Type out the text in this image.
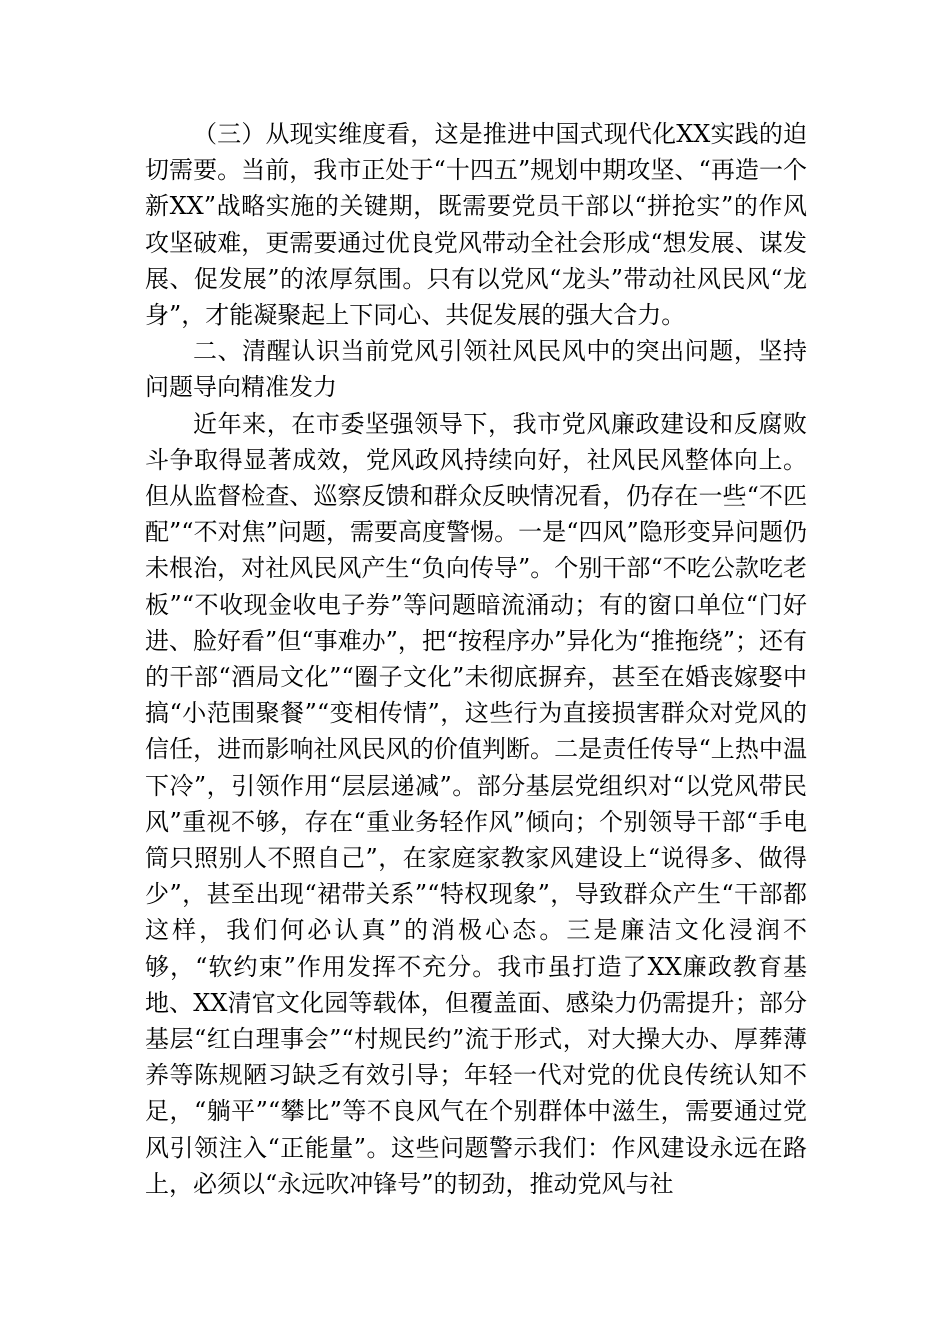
（三）从现实维度看，这是推进中国式现代化XX实践的迫切需要。当前，我市正处于“十四五”规划中期攻坚、“再造一个新XX”战略实施的关键期，既需要党员干部以“拼抢实”的作风攻坚破难，更需要通过优良党风带动全社会形成“想发展、谋发展、促发展”的浓厚氛围。只有以党风“龙头”带动社风民风“龙身”，才能凝聚起上下同心、共促发展的强大合力。

二、清醒认识当前党风引领社风民风中的突出问题，坚持问题导向精准发力

近年来，在市委坚强领导下，我市党风廉政建设和反腐败斗争取得显著成效，党风政风持续向好，社风民风整体向上。但从监督检查、巡察反馈和群众反映情况看，仍存在一些“不匹配”“不对焦”问题，需要高度警惕。一是“四风”隐形变异问题仍未根治，对社风民风产生“负向传导”。个别干部“不吃公款吃老板”“不收现金收电子券”等问题暗流涌动；有的窗口单位“门好进、脸好看”但“事难办”，把“按程序办”异化为“推拖绕”；还有的干部“酒局文化”“圈子文化”未彻底摒弃，甚至在婚丧嫁娶中搞“小范围聚餐”“变相传情”，这些行为直接损害群众对党风的信任，进而影响社风民风的价值判断。二是责任传导“上热中温下冷”，引领作用“层层递减”。部分基层党组织对“以党风带民风”重视不够，存在“重业务轻作风”倾向；个别领导干部“手电筒只照别人不照自己”，在家庭家教家风建设上“说得多、做得少”，甚至出现“裙带关系”“特权现象”，导致群众产生“干部都这样，我们何必认真”的消极心态。三是廉洁文化浸润不够，“软约束”作用发挥不充分。我市虽打造了XX廉政教育基地、XX清官文化园等载体，但覆盖面、感染力仍需提升；部分基层“红白理事会”“村规民约”流于形式，对大操大办、厚葬薄养等陈规陋习缺乏有效引导；年轻一代对党的优良传统认知不足，“躺平”“攀比”等不良风气在个别群体中滋生，需要通过党风引领注入“正能量”。这些问题警示我们：作风建设永远在路上，必须以“永远吹冲锋号”的韧劲，推动党风与社
